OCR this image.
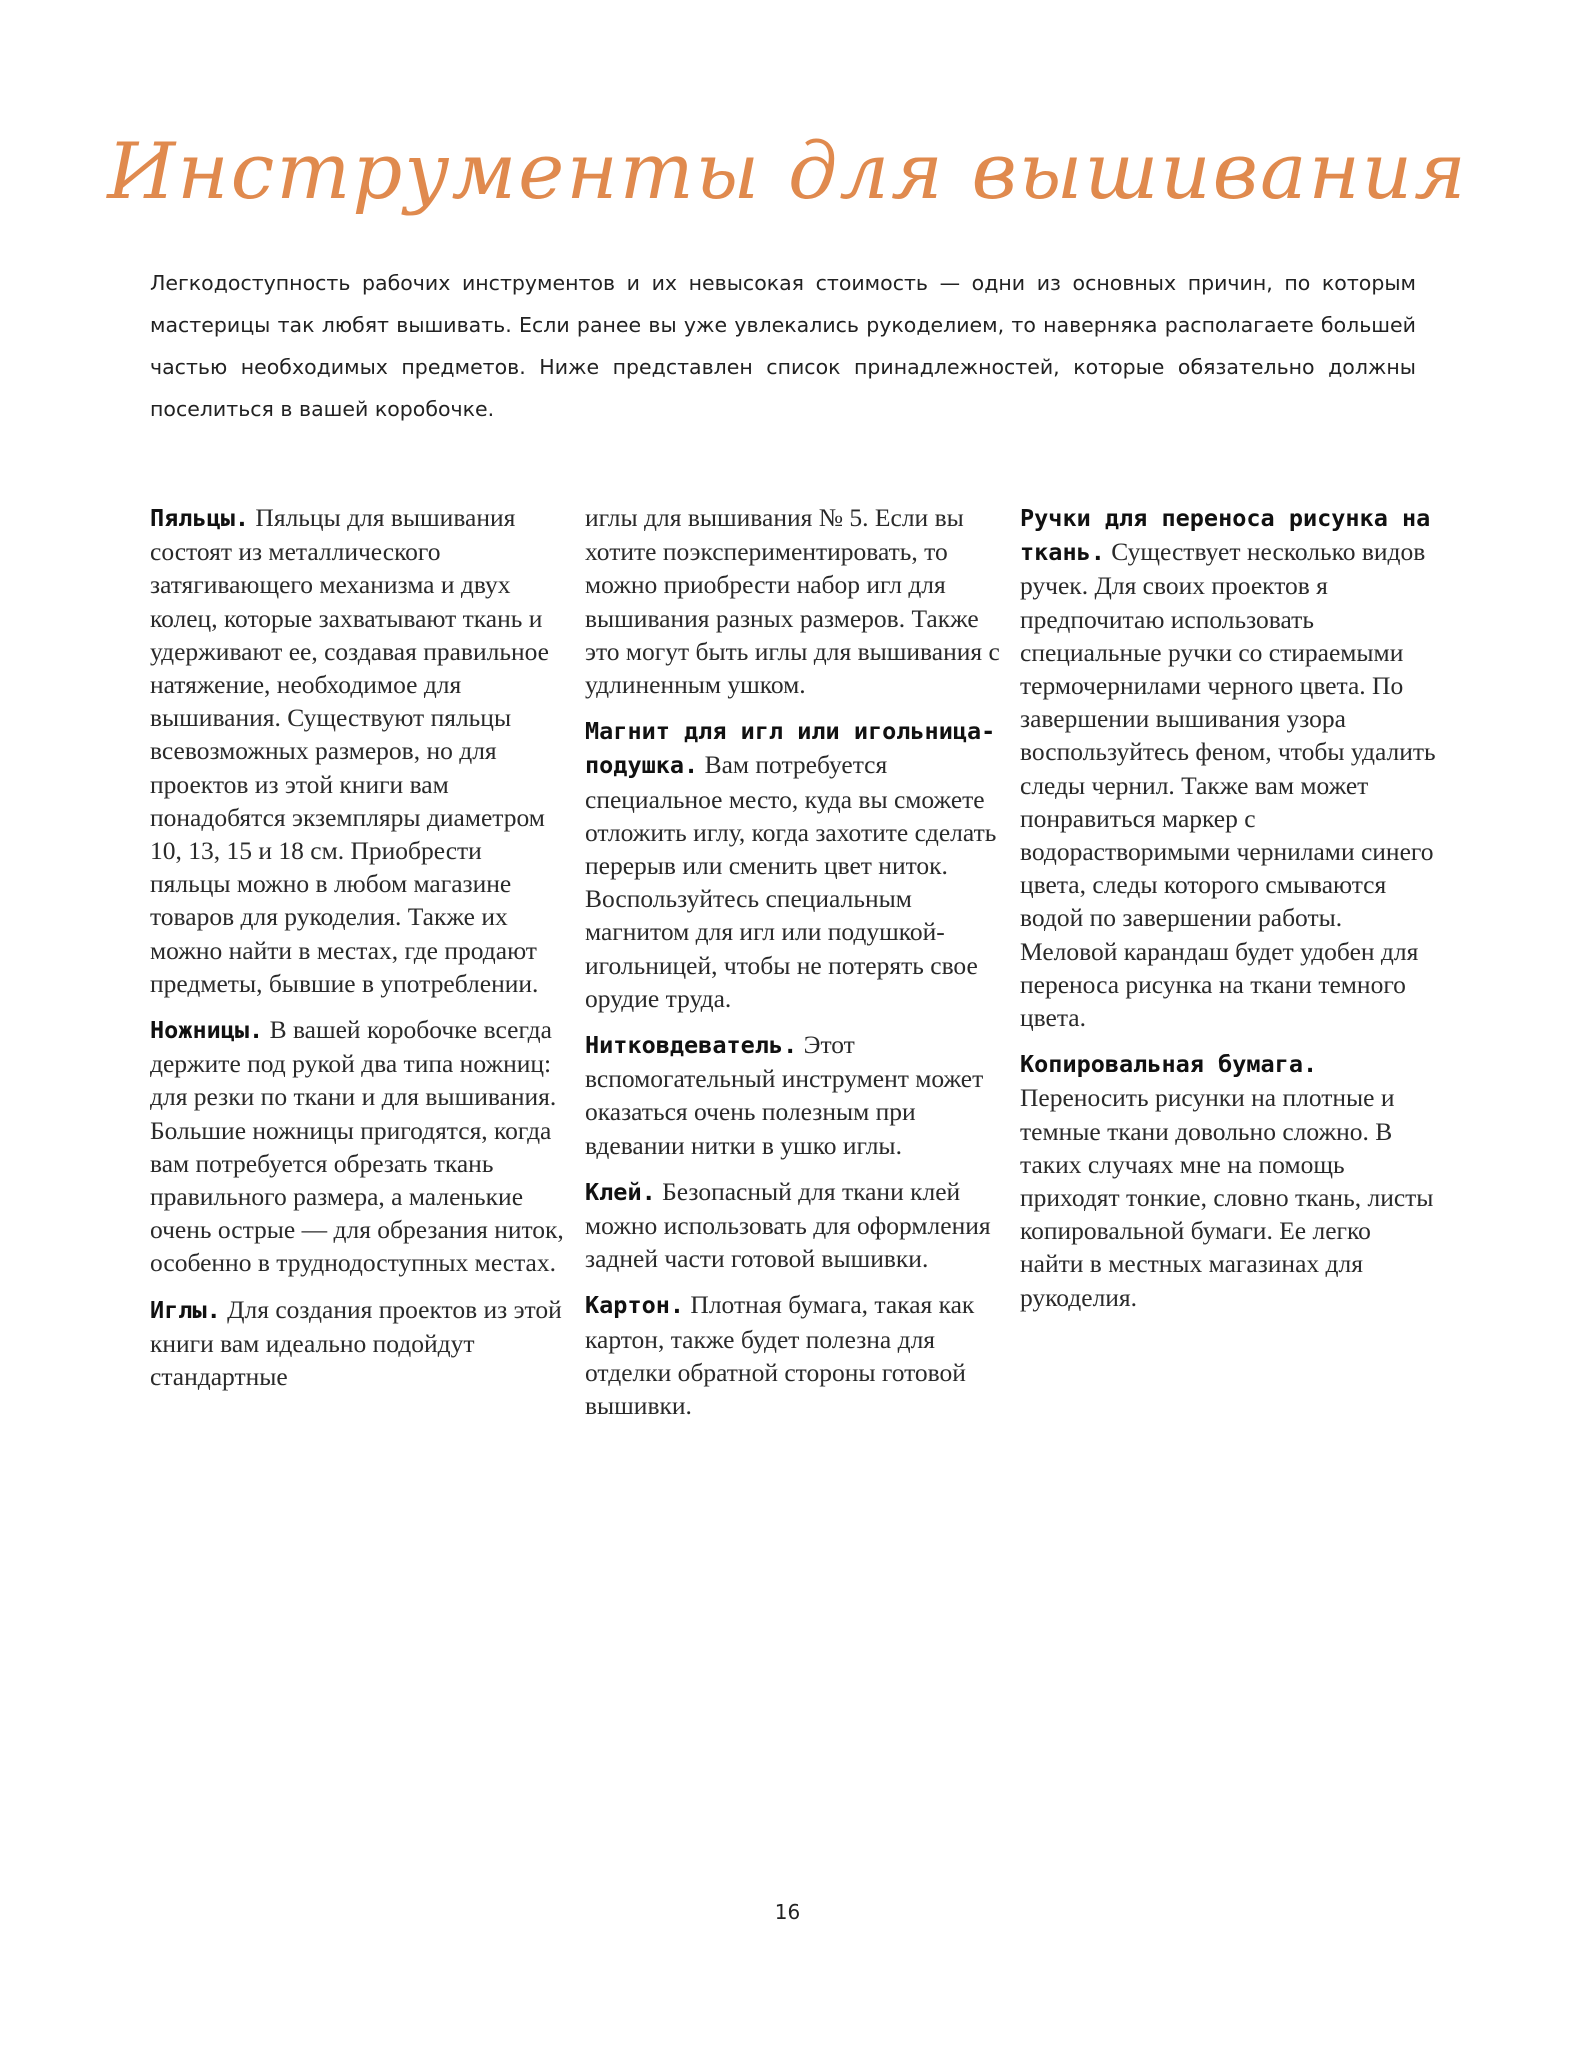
Инструменты для вышивания

Легкодоступность рабочих инструментов и их невысокая стоимость — одни из основных причин, по которым мастерицы так любят вышивать. Если ранее вы уже увлекались рукоделием, то наверняка располагаете большей частью необходимых предметов. Ниже представлен список принадлежностей, которые обязательно должны поселиться в вашей коробочке.

Пяльцы. Пяльцы для вышивания состоят из металлического затягивающего механизма и двух колец, которые захватывают ткань и удерживают ее, создавая правильное натяжение, необходимое для вышивания. Существуют пяльцы всевозможных размеров, но для проектов из этой книги вам понадобятся экземпляры диаметром 10, 13, 15 и 18 см. Приобрести пяльцы можно в любом магазине товаров для рукоделия. Также их можно найти в местах, где продают предметы, бывшие в употреблении.

Ножницы. В вашей коробочке всегда держите под рукой два типа ножниц: для резки по ткани и для вышивания. Большие ножницы пригодятся, когда вам потребуется обрезать ткань правильного размера, а маленькие очень острые — для обрезания ниток, особенно в труднодоступных местах.

Иглы. Для создания проектов из этой книги вам идеально подойдут стандартные

иглы для вышивания № 5. Если вы хотите поэкспериментировать, то можно приобрести набор игл для вышивания разных размеров. Также это могут быть иглы для вышивания с удлиненным ушком.

Магнит для игл или игольница-подушка. Вам потребуется специальное место, куда вы сможете отложить иглу, когда захотите сделать перерыв или сменить цвет ниток. Воспользуйтесь специальным магнитом для игл или подушкой-игольницей, чтобы не потерять свое орудие труда.

Нитковдеватель. Этот вспомогательный инструмент может оказаться очень полезным при вдевании нитки в ушко иглы.

Клей. Безопасный для ткани клей можно использовать для оформления задней части готовой вышивки.

Картон. Плотная бумага, такая как картон, также будет полезна для отделки обратной стороны готовой вышивки.

Ручки для переноса рисунка на ткань. Существует несколько видов ручек. Для своих проектов я предпочитаю использовать специальные ручки со стираемыми термочернилами черного цвета. По завершении вышивания узора воспользуйтесь феном, чтобы удалить следы чернил. Также вам может понравиться маркер с водорастворимыми чернилами синего цвета, следы которого смываются водой по завершении работы. Меловой карандаш будет удобен для переноса рисунка на ткани темного цвета.

Копировальная бумага. Переносить рисунки на плотные и темные ткани довольно сложно. В таких случаях мне на помощь приходят тонкие, словно ткань, листы копировальной бумаги. Ее легко найти в местных магазинах для рукоделия.

16
